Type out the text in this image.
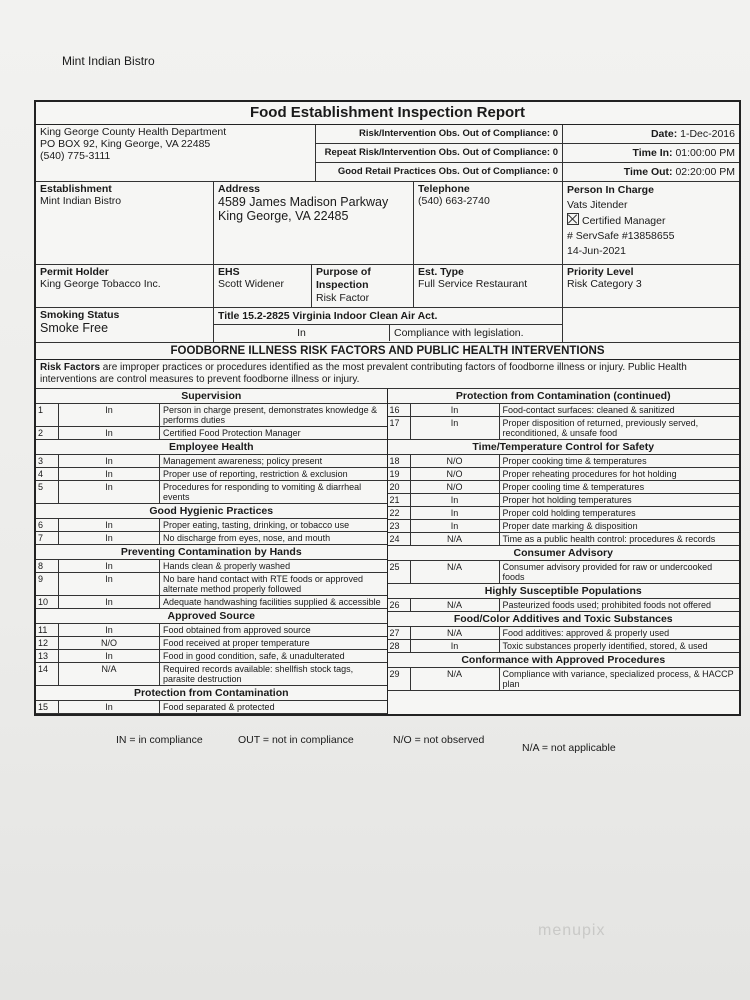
Mint Indian Bistro
Food Establishment Inspection Report
King George County Health Department
PO BOX 92, King George, VA 22485
(540) 775-3111
Risk/Intervention Obs. Out of Compliance: 0
Repeat Risk/Intervention Obs. Out of Compliance: 0
Good Retail Practices Obs. Out of Compliance: 0
Date: 1-Dec-2016
Time In: 01:00:00 PM
Time Out: 02:20:00 PM
Establishment
Mint Indian Bistro
Address
4589 James Madison Parkway
King George, VA 22485
Telephone
(540) 663-2740
Person In Charge
Vats Jitender
Certified Manager
# ServSafe #13858655
14-Jun-2021
Permit Holder
King George Tobacco Inc.
EHS
Scott Widener
Purpose of
Inspection
Risk Factor
Est. Type
Full Service Restaurant
Priority Level
Risk Category 3
Smoking Status
Smoke Free
Title 15.2-2825 Virginia Indoor Clean Air Act.
In	Compliance with legislation.
FOODBORNE ILLNESS RISK FACTORS AND PUBLIC HEALTH INTERVENTIONS
Risk Factors are improper practices or procedures identified as the most prevalent contributing factors of foodborne illness or injury. Public Health interventions are control measures to prevent foodborne illness or injury.
Supervision
1	In	Person in charge present, demonstrates knowledge & performs duties
2	In	Certified Food Protection Manager
Employee Health
3	In	Management awareness; policy present
4	In	Proper use of reporting, restriction & exclusion
5	In	Procedures for responding to vomiting & diarrheal events
Good Hygienic Practices
6	In	Proper eating, tasting, drinking, or tobacco use
7	In	No discharge from eyes, nose, and mouth
Preventing Contamination by Hands
8	In	Hands clean & properly washed
9	In	No bare hand contact with RTE foods or approved alternate method properly followed
10	In	Adequate handwashing facilities supplied & accessible
Approved Source
11	In	Food obtained from approved source
12	N/O	Food received at proper temperature
13	In	Food in good condition, safe, & unadulterated
14	N/A	Required records available: shellfish stock tags, parasite destruction
Protection from Contamination
15	In	Food separated & protected
Protection from Contamination (continued)
16	In	Food-contact surfaces: cleaned & sanitized
17	In	Proper disposition of returned, previously served, reconditioned, & unsafe food
Time/Temperature Control for Safety
18	N/O	Proper cooking time & temperatures
19	N/O	Proper reheating procedures for hot holding
20	N/O	Proper cooling time & temperatures
21	In	Proper hot holding temperatures
22	In	Proper cold holding temperatures
23	In	Proper date marking & disposition
24	N/A	Time as a public health control: procedures & records
Consumer Advisory
25	N/A	Consumer advisory provided for raw or undercooked foods
Highly Susceptible Populations
26	N/A	Pasteurized foods used; prohibited foods not offered
Food/Color Additives and Toxic Substances
27	N/A	Food additives: approved & properly used
28	In	Toxic substances properly identified, stored, & used
Conformance with Approved Procedures
29	N/A	Compliance with variance, specialized process, & HACCP plan
IN = in compliance	OUT = not in compliance	N/O = not observed
N/A = not applicable
menupix
